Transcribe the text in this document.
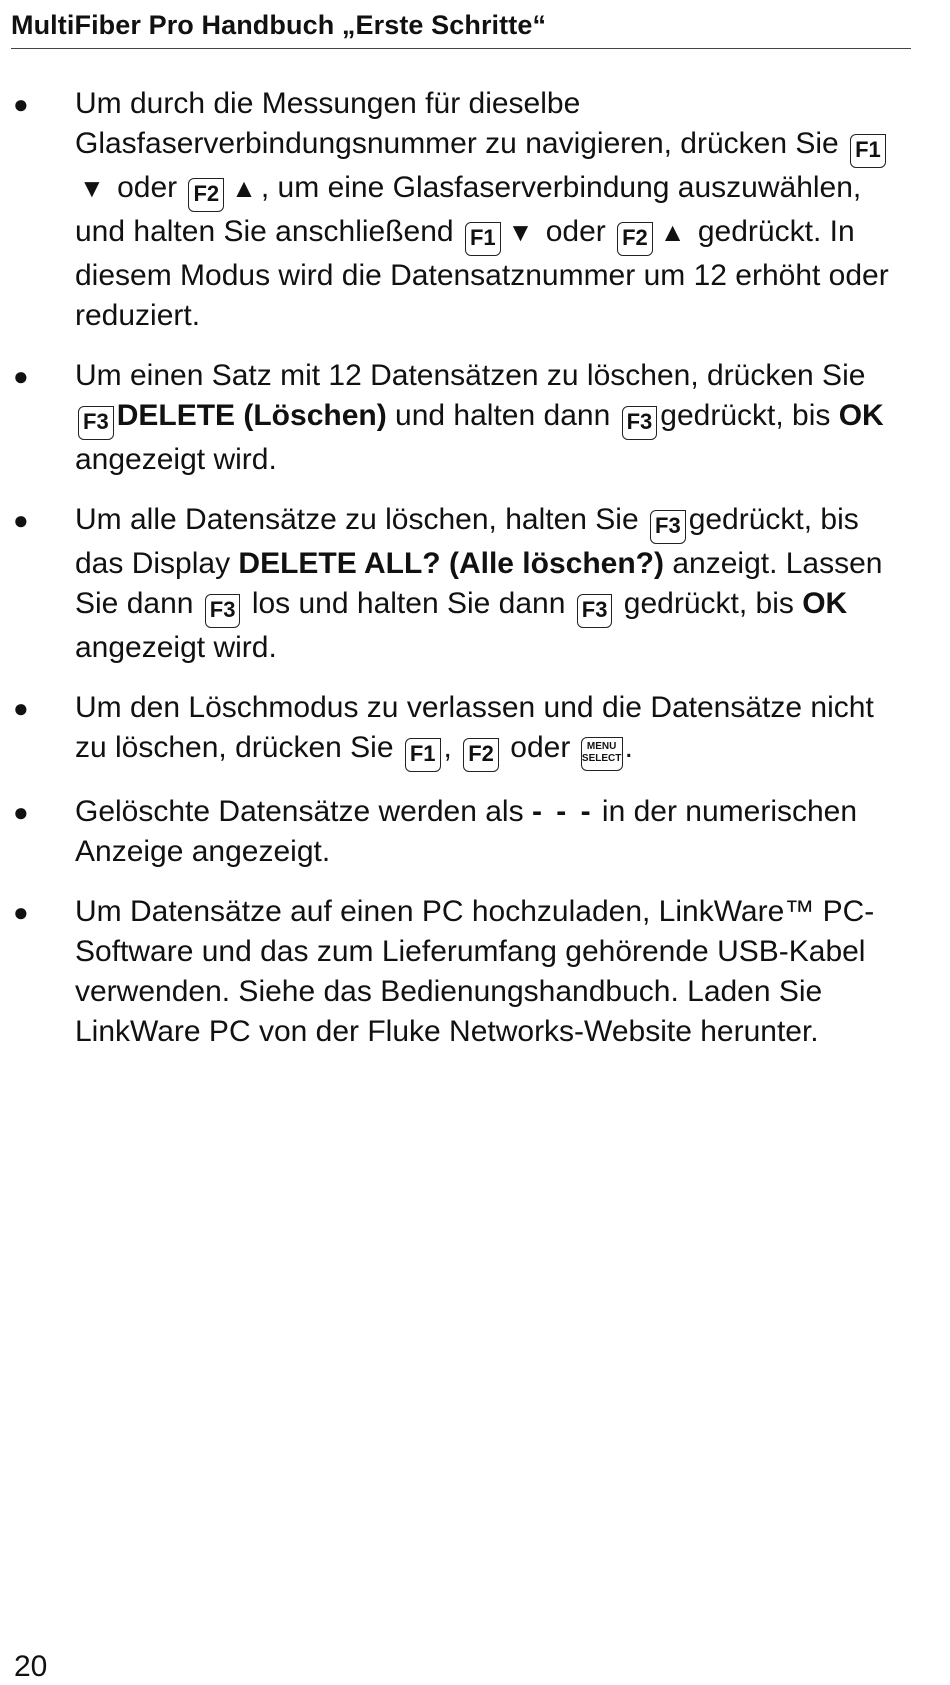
MultiFiber Pro Handbuch „Erste Schritte“
● Um durch die Messungen für dieselbe Glasfaserverbindungsnummer zu navigieren, drücken Sie F1▼ oder F2 ▲ , um eine Glasfaserverbindung auszuwählen, und halten Sie anschließend F1 ▼ oder F2 ▲ gedrückt. In diesem Modus wird die Datensatznummer um 12 erhöht oder reduziert.
● Um einen Satz mit 12 Datensätzen zu löschen, drücken Sie F3 DELETE (Löschen) und halten dann F3 gedrückt, bis OK angezeigt wird.
● Um alle Datensätze zu löschen, halten Sie F3 gedrückt, bis das Display DELETE ALL? (Alle löschen?) anzeigt. Lassen Sie dann F3 los und halten Sie dann F3 gedrückt, bis OK angezeigt wird.
● Um den Löschmodus zu verlassen und die Datensätze nicht zu löschen, drücken Sie F1 , F2 oder	MENU
SELECT .
● Gelöschte Datensätze werden als - - - in der numerischen Anzeige angezeigt.
● Um Datensätze auf einen PC hochzuladen, LinkWare™ PC-Software und das zum Lieferumfang gehörende USB-Kabel verwenden. Siehe das Bedienungshandbuch. Laden Sie LinkWare PC von der Fluke Networks-Website herunter.
20
